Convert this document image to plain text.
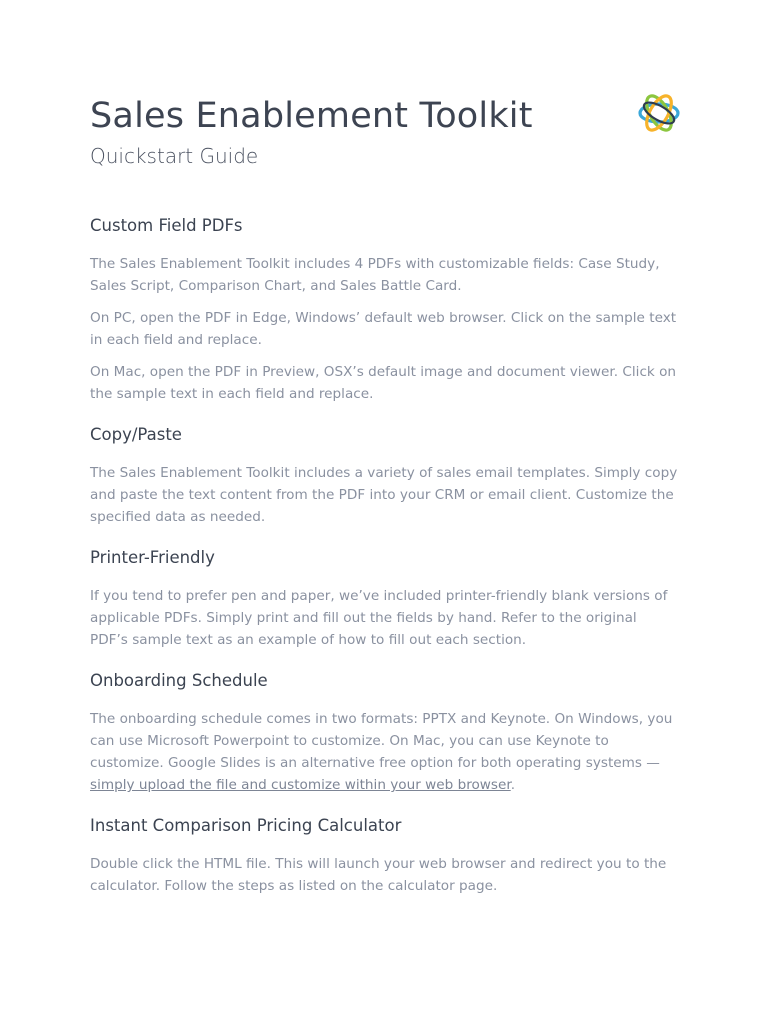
Sales Enablement Toolkit
Quickstart Guide
Custom Field PDFs

The Sales Enablement Toolkit includes 4 PDFs with customizable fields: Case Study, Sales Script, Comparison Chart, and Sales Battle Card.

On PC, open the PDF in Edge, Windows’ default web browser. Click on the sample text in each field and replace.

On Mac, open the PDF in Preview, OSX’s default image and document viewer. Click on the sample text in each field and replace.

Copy/Paste

The Sales Enablement Toolkit includes a variety of sales email templates. Simply copy and paste the text content from the PDF into your CRM or email client. Customize the specified data as needed.

Printer-Friendly

If you tend to prefer pen and paper, we’ve included printer-friendly blank versions of applicable PDFs. Simply print and fill out the fields by hand. Refer to the original PDF’s sample text as an example of how to fill out each section.

Onboarding Schedule

The onboarding schedule comes in two formats: PPTX and Keynote. On Windows, you can use Microsoft Powerpoint to customize. On Mac, you can use Keynote to customize. Google Slides is an alternative free option for both operating systems — simply upload the file and customize within your web browser.

Instant Comparison Pricing Calculator

Double click the HTML file. This will launch your web browser and redirect you to the calculator. Follow the steps as listed on the calculator page.
